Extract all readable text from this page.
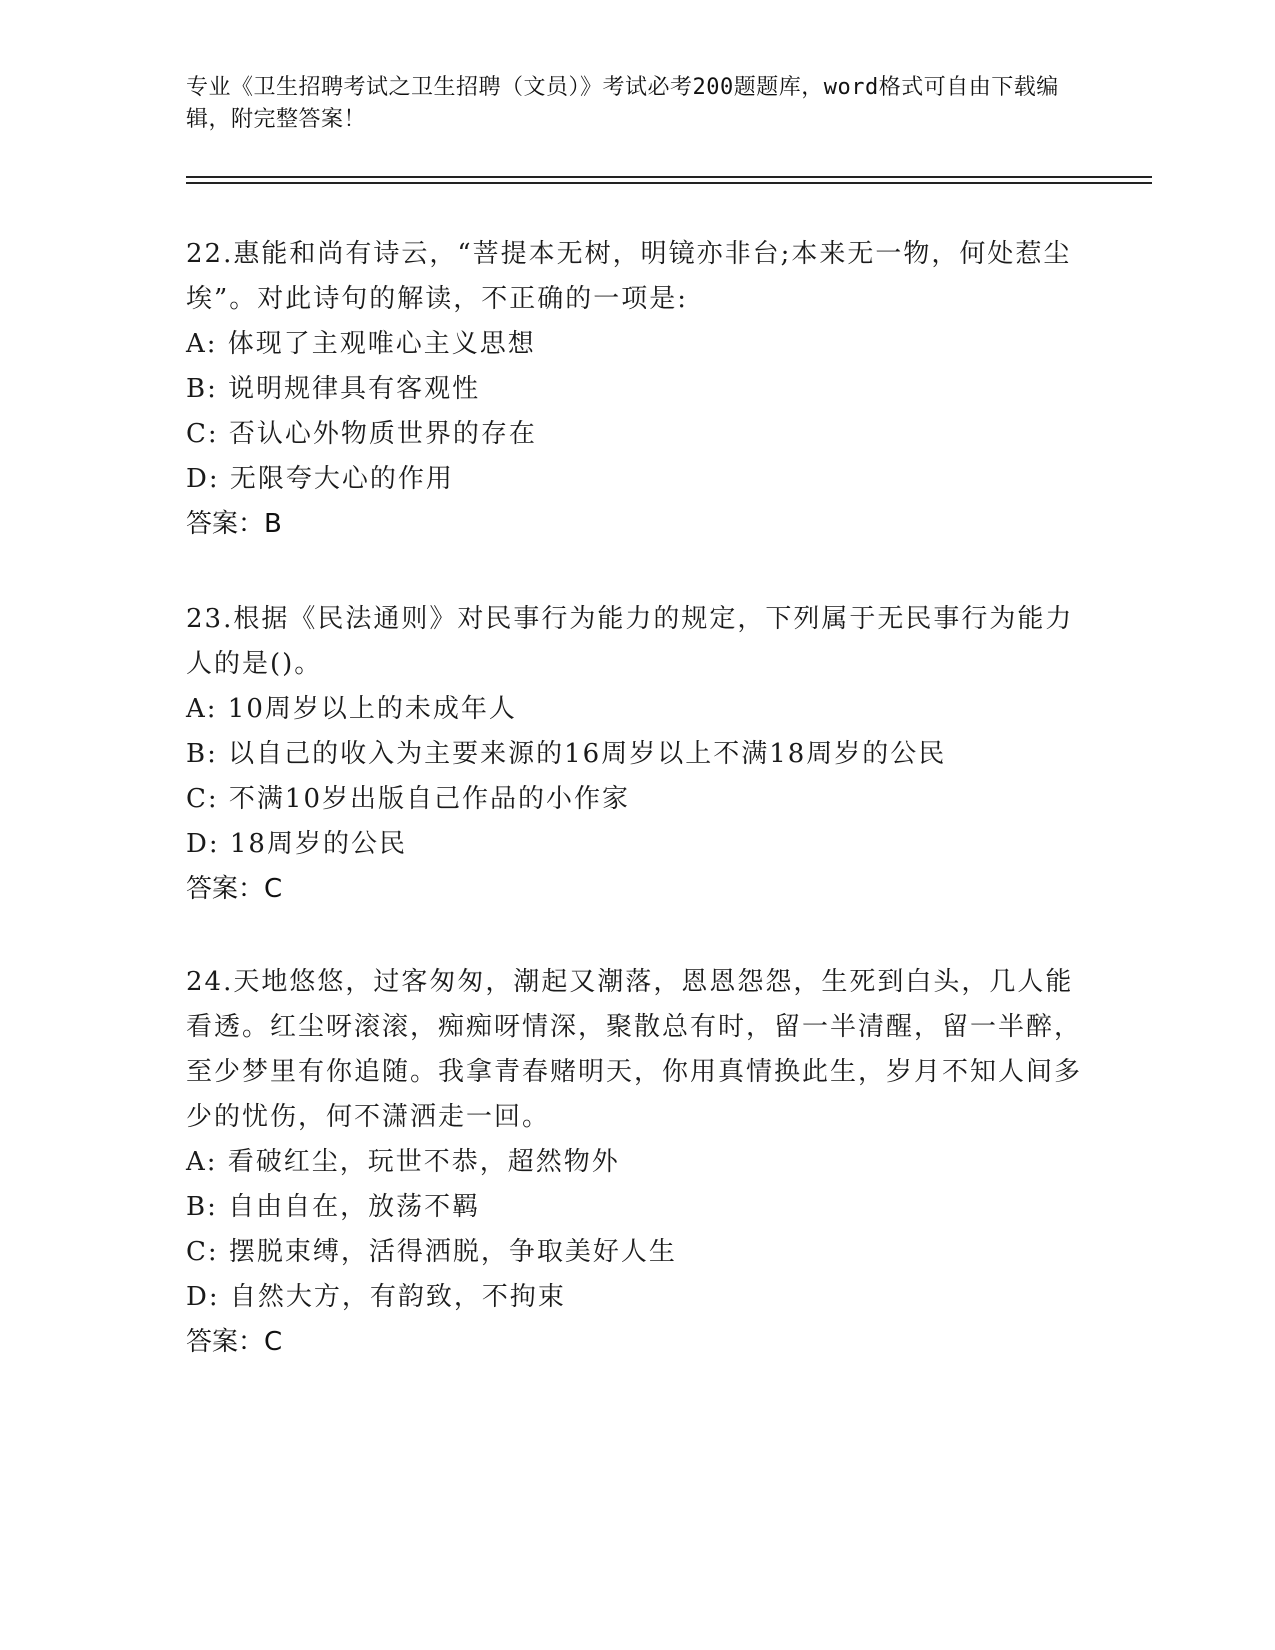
专业《卫生招聘考试之卫生招聘（文员）》考试必考200题题库，word格式可自由下载编辑，附完整答案！

22.惠能和尚有诗云，“菩提本无树，明镜亦非台;本来无一物，何处惹尘埃”。对此诗句的解读，不正确的一项是:

A: 体现了主观唯心主义思想

B: 说明规律具有客观性

C: 否认心外物质世界的存在

D: 无限夸大心的作用

答案：B

23.根据《民法通则》对民事行为能力的规定，下列属于无民事行为能力人的是()。

A: 10周岁以上的未成年人

B: 以自己的收入为主要来源的16周岁以上不满18周岁的公民

C: 不满10岁出版自己作品的小作家

D: 18周岁的公民

答案：C

24.天地悠悠，过客匆匆，潮起又潮落，恩恩怨怨，生死到白头，几人能看透。红尘呀滚滚，痴痴呀情深，聚散总有时，留一半清醒，留一半醉，至少梦里有你追随。我拿青春赌明天，你用真情换此生，岁月不知人间多少的忧伤，何不潇洒走一回。

A: 看破红尘，玩世不恭，超然物外

B: 自由自在，放荡不羁

C: 摆脱束缚，活得洒脱，争取美好人生

D: 自然大方，有韵致，不拘束

答案：C
